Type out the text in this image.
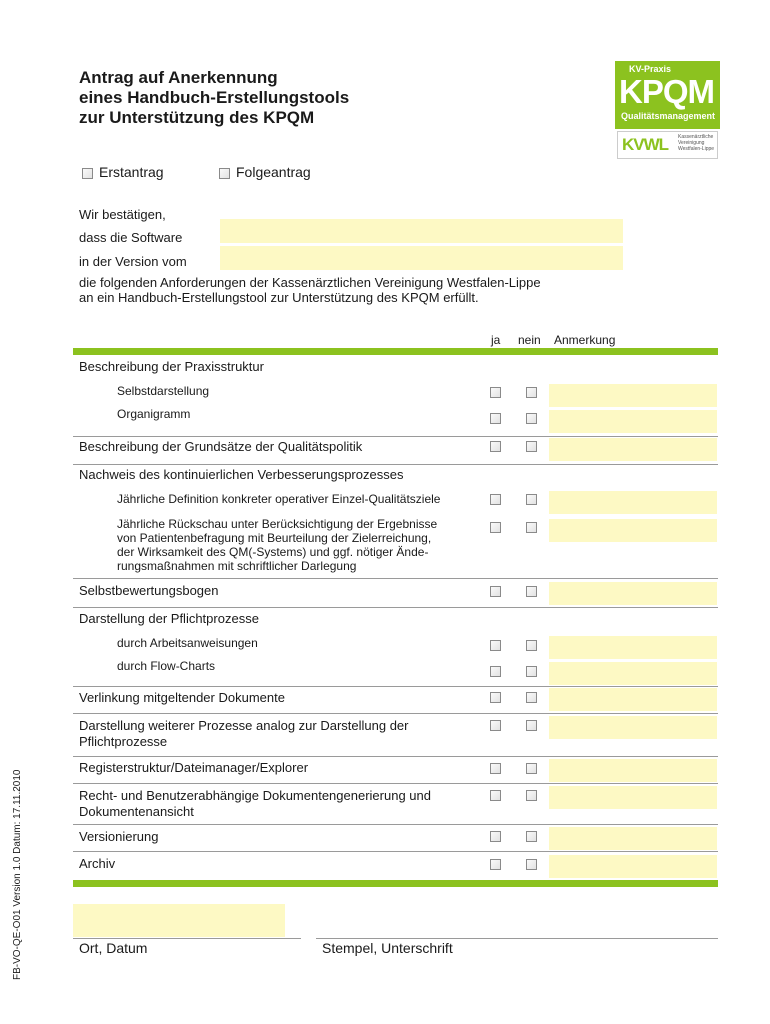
Antrag auf Anerkennung
eines Handbuch-Erstellungstools
zur Unterstützung des KPQM
KV-Praxis
KPQM
Qualitätsmanagement
KVWL Kassenärztliche
Vereinigung
Westfalen-Lippe
Erstantrag	Folgeantrag
Wir bestätigen,
dass die Software
in der Version vom
die folgenden Anforderungen der Kassenärztlichen Vereinigung Westfalen-Lippe
an ein Handbuch-Erstellungstool zur Unterstützung des KPQM erfüllt.
ja nein Anmerkung
Beschreibung der Praxisstruktur
Selbstdarstellung
Organigramm
Beschreibung der Grundsätze der Qualitätspolitik
Nachweis des kontinuierlichen Verbesserungsprozesses
Jährliche Definition konkreter operativer Einzel-Qualitätsziele
Jährliche Rückschau unter Berücksichtigung der Ergebnisse
von Patientenbefragung mit Beurteilung der Zielerreichung,
der Wirksamkeit des QM(-Systems) und ggf. nötiger Ände-
rungsmaßnahmen mit schriftlicher Darlegung
Selbstbewertungsbogen
Darstellung der Pflichtprozesse
durch Arbeitsanweisungen
durch Flow-Charts
Verlinkung mitgeltender Dokumente
Darstellung weiterer Prozesse analog zur Darstellung der
Pflichtprozesse
Registerstruktur/Dateimanager/Explorer
Recht- und Benutzerabhängige Dokumentengenerierung und
Dokumentenansicht
Versionierung
Archiv
Ort, Datum	Stempel, Unterschrift
FB-VO-QE-O01 Version 1.0 Datum: 17.11.2010
